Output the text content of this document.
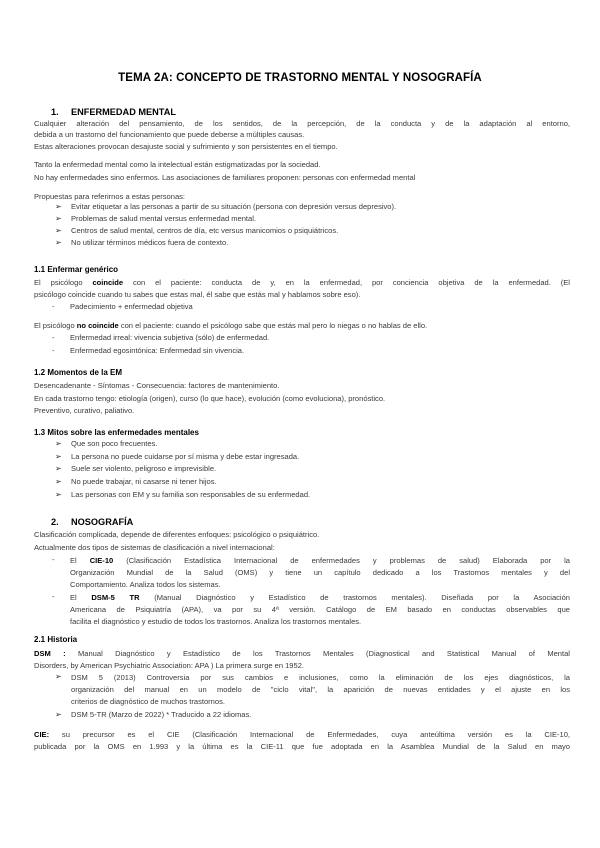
TEMA 2A: CONCEPTO DE TRASTORNO MENTAL Y NOSOGRAFÍA
1. ENFERMEDAD MENTAL
Cualquier alteración del pensamiento, de los sentidos, de la percepción, de la conducta y de la adaptación al entorno,
debida a un trastorno del funcionamiento que puede deberse a múltiples causas.
Estas alteraciones provocan desajuste social y sufrimiento y son persistentes en el tiempo.
Tanto la enfermedad mental como la intelectual están estigmatizadas por la sociedad.
No hay enfermedades sino enfermos. Las asociaciones de familiares proponen: personas con enfermedad mental
Propuestas para referirnos a estas personas:
➢ Evitar etiquetar a las personas a partir de su situación (persona con depresión versus depresivo).
➢ Problemas de salud mental versus enfermedad mental.
➢ Centros de salud mental, centros de día, etc versus manicomios o psiquiátricos.
➢ No utilizar términos médicos fuera de contexto.
1.1 Enfermar genérico
El psicólogo coincide con el paciente: conducta de y, en la enfermedad, por conciencia objetiva de la enfermedad. (El
psicólogo coincide cuando tu sabes que estas mal, él sabe que estás mal y hablamos sobre eso).
- Padecimiento + enfermedad objetiva
El psicólogo no coincide con el paciente: cuando el psicólogo sabe que estás mal pero lo niegas o no hablas de ello.
- Enfermedad irreal: vivencia subjetiva (sólo) de enfermedad.
- Enfermedad egosintónica: Enfermedad sin vivencia.
1.2 Momentos de la EM
Desencadenante - Síntomas - Consecuencia: factores de mantenimiento.
En cada trastorno tengo: etiología (origen), curso (lo que hace), evolución (como evoluciona), pronóstico.
Preventivo, curativo, paliativo.
1.3 Mitos sobre las enfermedades mentales
➢ Que son poco frecuentes.
➢ La persona no puede cuidarse por sí misma y debe estar ingresada.
➢ Suele ser violento, peligroso e imprevisible.
➢ No puede trabajar, ni casarse ni tener hijos.
➢ Las personas con EM y su familia son responsables de su enfermedad.
2. NOSOGRAFÍA
Clasificación complicada, depende de diferentes enfoques: psicológico o psiquiátrico.
Actualmente dos tipos de sistemas de clasificación a nivel internacional:
-	El CIE-10 (Clasificación Estadística Internacional de enfermedades y problemas de salud) Elaborada por la
Organización Mundial de la Salud (OMS) y tiene un capítulo dedicado a los Trastornos mentales y del
Comportamiento. Analiza todos los sistemas.
-	El DSM-5 TR (Manual Diagnóstico y Estadístico de trastornos mentales). Diseñada por la Asociación
Americana de Psiquiatría (APA), va por su 4ª versión. Catálogo de EM basado en conductas observables que
facilita el diagnóstico y estudio de todos los trastornos. Analiza los trastornos mentales.
2.1 Historia
DSM : Manual Diagnóstico y Estadístico de los Trastornos Mentales (Diagnostical and Statistical Manual of Mental
Disorders, by American Psychiatric Association: APA ) La primera surge en 1952.
➢	DSM 5 (2013) Controversia por sus cambios e inclusiones, como la eliminación de los ejes diagnósticos, la
organización del manual en un modelo de "ciclo vital", la aparición de nuevas entidades y el ajuste en los
criterios de diagnóstico de muchos trastornos.
➢ DSM 5-TR (Marzo de 2022) * Traducido a 22 idiomas.
CIE: su precursor es el CIE (Clasificación Internacional de Enfermedades, cuya anteúltima versión es la CIE-10,
publicada por la OMS en 1.993 y la última es la CIE-11 que fue adoptada en la Asamblea Mundial de la Salud en mayo
